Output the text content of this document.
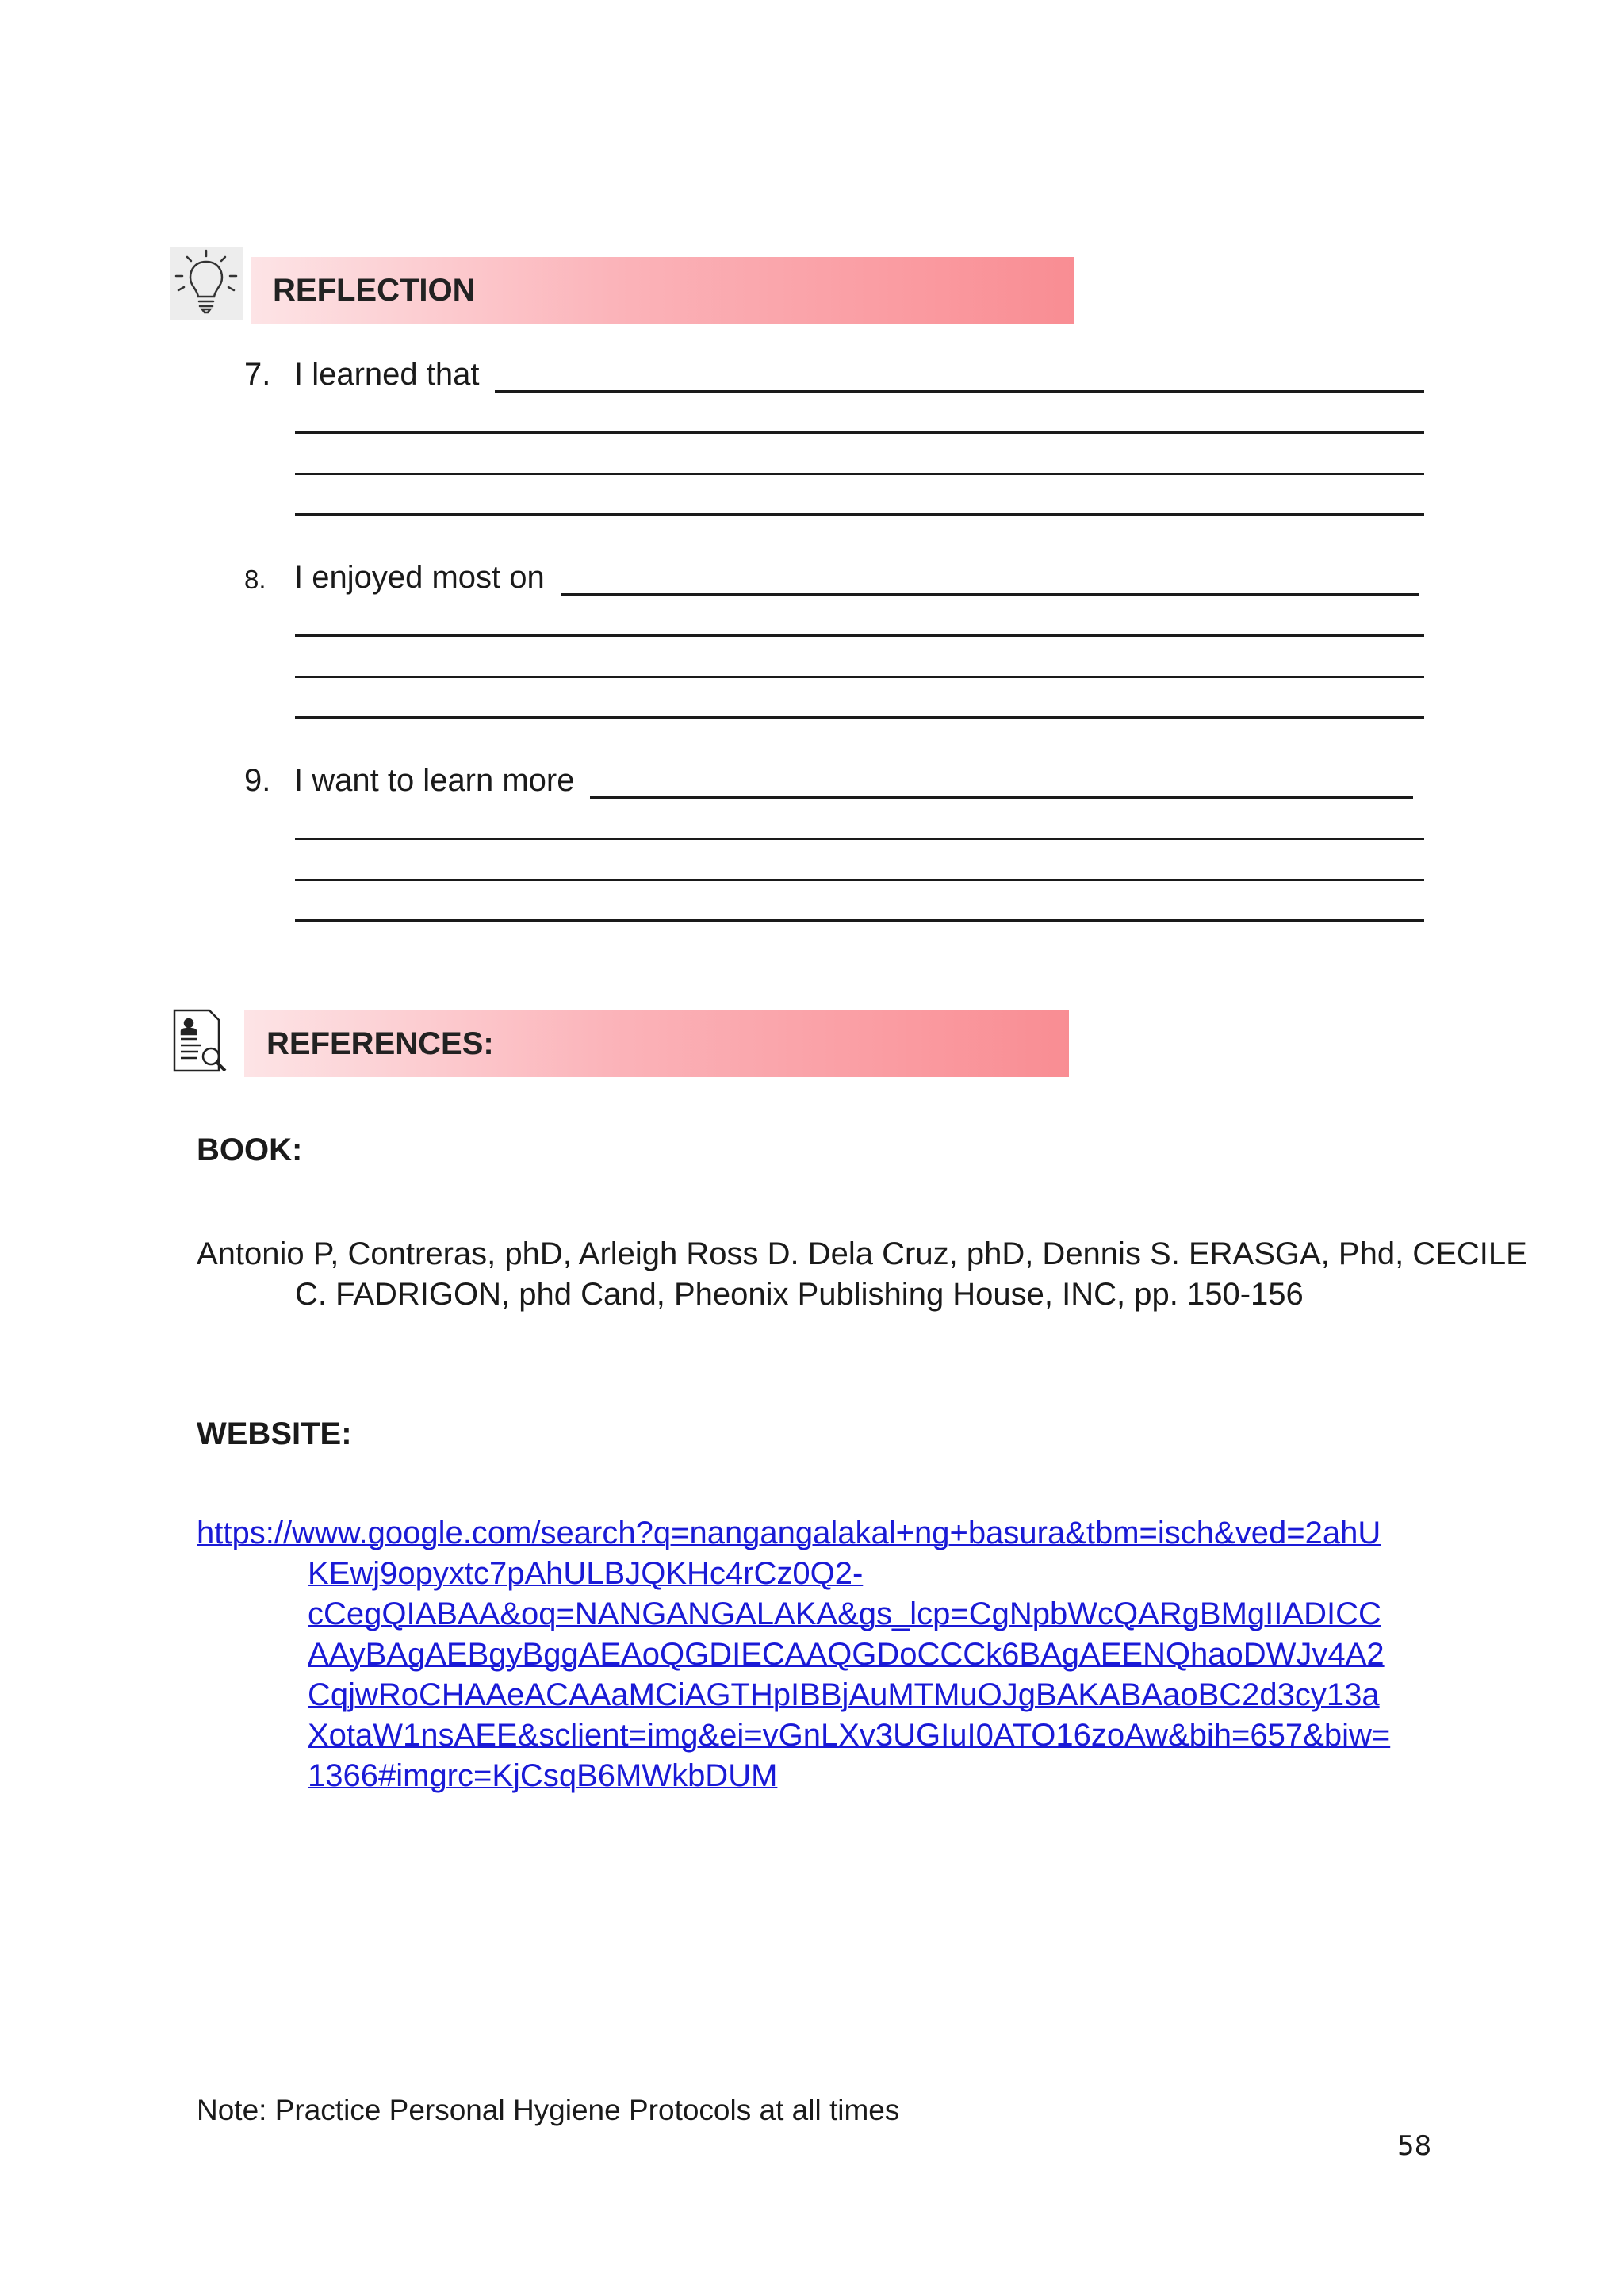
REFLECTION
7. I learned that
8. I enjoyed most on
9. I want to learn more
REFERENCES:
BOOK:
Antonio P, Contreras, phD, Arleigh Ross D. Dela Cruz, phD, Dennis S. ERASGA, Phd, CECILE C. FADRIGON, phd Cand, Pheonix Publishing House, INC, pp. 150-156
WEBSITE:
https://www.google.com/search?q=nangangalakal+ng+basura&tbm=isch&ved=2ahU
KEwj9opyxtc7pAhULBJQKHc4rCz0Q2-
cCegQIABAA&oq=NANGANGALAKA&gs_lcp=CgNpbWcQARgBMgIIADICC
AAyBAgAEBgyBggAEAoQGDIECAAQGDoCCCk6BAgAEENQhaoDWJv4A2
CqjwRoCHAAeACAAaMCiAGTHpIBBjAuMTMuOJgBAKABAaoBC2d3cy13a
XotaW1nsAEE&sclient=img&ei=vGnLXv3UGIuI0ATO16zoAw&bih=657&biw=
1366#imgrc=KjCsqB6MWkbDUM
Note: Practice Personal Hygiene Protocols at all times
58
